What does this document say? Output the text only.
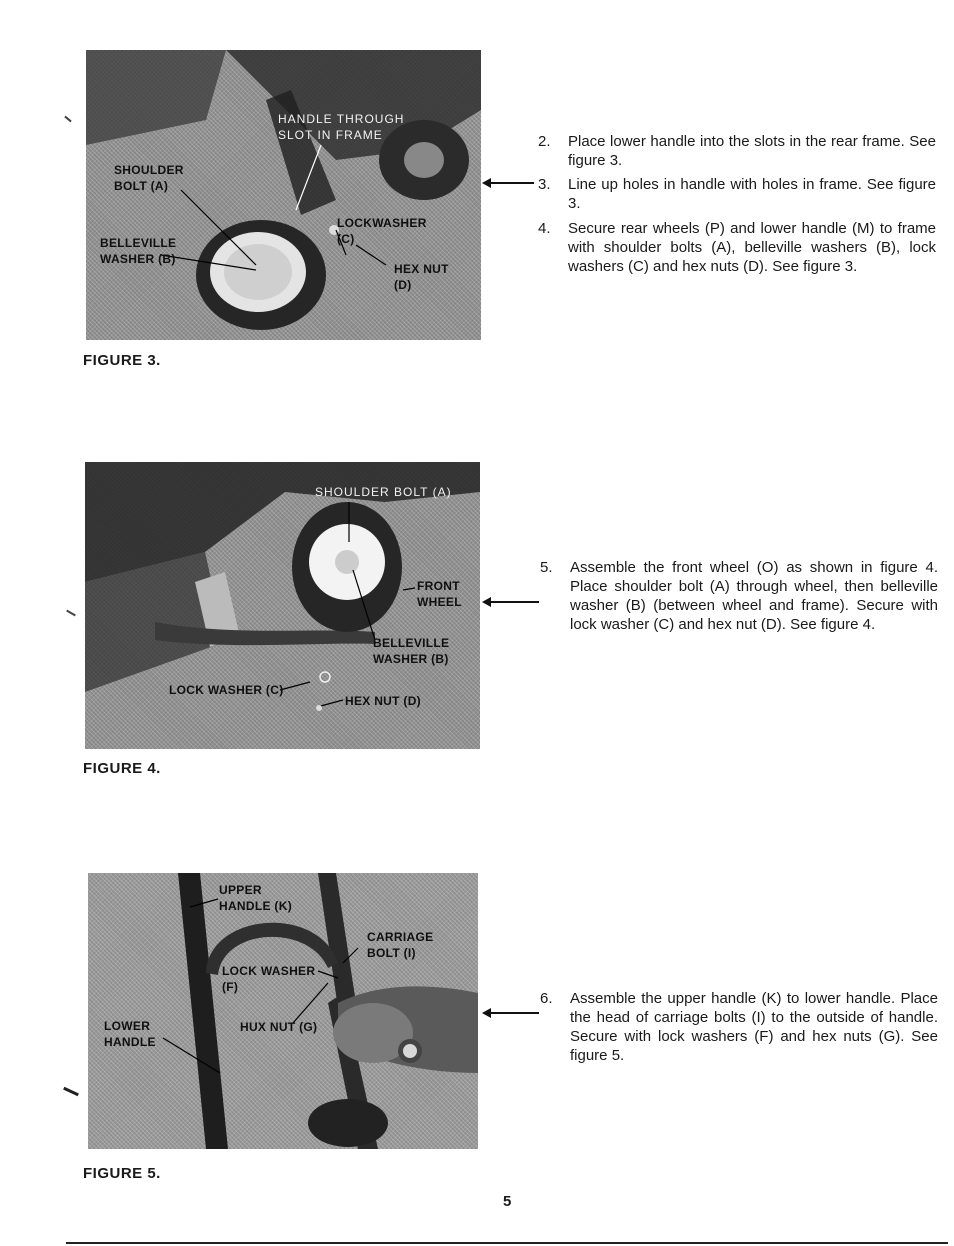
HANDLE THROUGH
SLOT IN FRAME
SHOULDER
BOLT (A)
BELLEVILLE
WASHER (B)
LOCKWASHER
(C)
HEX NUT
(D)
FIGURE 3.
SHOULDER BOLT (A)
FRONT
WHEEL
BELLEVILLE
WASHER (B)
LOCK WASHER (C)
HEX NUT (D)
FIGURE 4.
UPPER
HANDLE (K)
CARRIAGE
BOLT (I)
LOCK WASHER
(F)
LOWER
HANDLE
HUX NUT (G)
FIGURE 5.
2.	Place lower handle into the slots in the rear frame. See figure 3.
3.	Line up holes in handle with holes in frame. See figure 3.
4.	Secure rear wheels (P) and lower handle (M) to frame with shoulder bolts (A), belleville washers (B), lock washers (C) and hex nuts (D). See figure 3.
5.	Assemble the front wheel (O) as shown in figure 4. Place shoulder bolt (A) through wheel, then belleville washer (B) (between wheel and frame). Secure with lock washer (C) and hex nut (D). See figure 4.
6.	Assemble the upper handle (K) to lower handle. Place the head of carriage bolts (I) to the outside of handle. Secure with lock washers (F) and hex nuts (G). See figure 5.
5
